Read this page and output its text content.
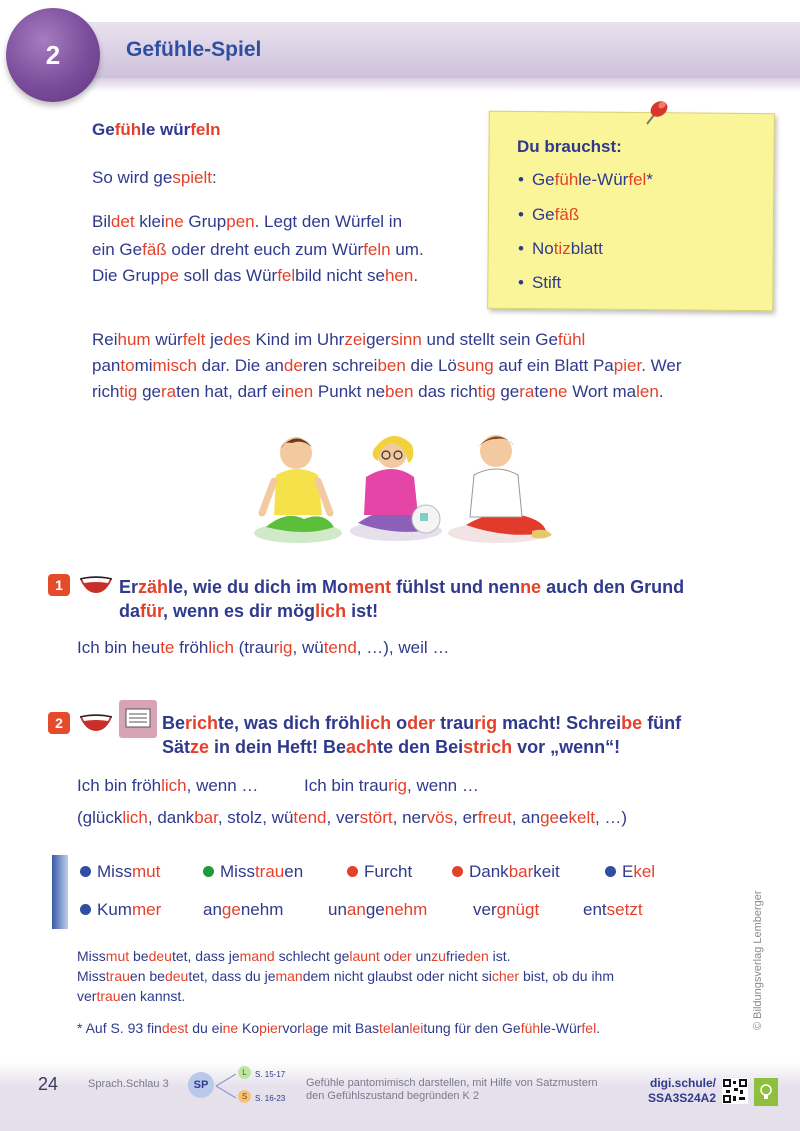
2	Gefühle-Spiel
Gefühle würfeln
So wird gespielt:
Bildet kleine Gruppen. Legt den Würfel in
ein Gefäß oder dreht euch zum Würfeln um.
Die Gruppe soll das Würfelbild nicht sehen.
Du brauchst:
• Gefühle-Würfel*
• Gefäß
• Notizblatt
• Stift
Reihum würfelt jedes Kind im Uhrzeigersinn und stellt sein Gefühl
pantomimisch dar. Die anderen schreiben die Lösung auf ein Blatt Papier. Wer
richtig geraten hat, darf einen Punkt neben das richtig geratene Wort malen.
1	Erzähle, wie du dich im Moment fühlst und nenne auch den Grund
dafür, wenn es dir möglich ist!
Ich bin heute fröhlich (traurig, wütend, …), weil …
2	Berichte, was dich fröhlich oder traurig macht! Schreibe fünf
Sätze in dein Heft! Beachte den Beistrich vor „wenn“!
Ich bin fröhlich, wenn …	Ich bin traurig, wenn …
(glücklich, dankbar, stolz, wütend, verstört, nervös, erfreut, angeekelt, …)
Missmut	Misstrauen	Furcht	Dankbarkeit	Ekel
Kummer angenehm	unangenehm	vergnügt	entsetzt
Missmut bedeutet, dass jemand schlecht gelaunt oder unzufrieden ist.
Misstrauen bedeutet, dass du jemandem nicht glaubst oder nicht sicher bist, ob du ihm
vertrauen kannst.
* Auf S. 93 findest du eine Kopiervorlage mit Bastelanleitung für den Gefühle-Würfel.	© Bildungsverlag Lemberger
24	Sprach.Schlau 3	SP
L
S
S. 15-17
S. 16-23
Gefühle pantomimisch darstellen, mit Hilfe von Satzmustern
den Gefühlszustand begründen K 2
digi.schule/
SSA3S24A2
